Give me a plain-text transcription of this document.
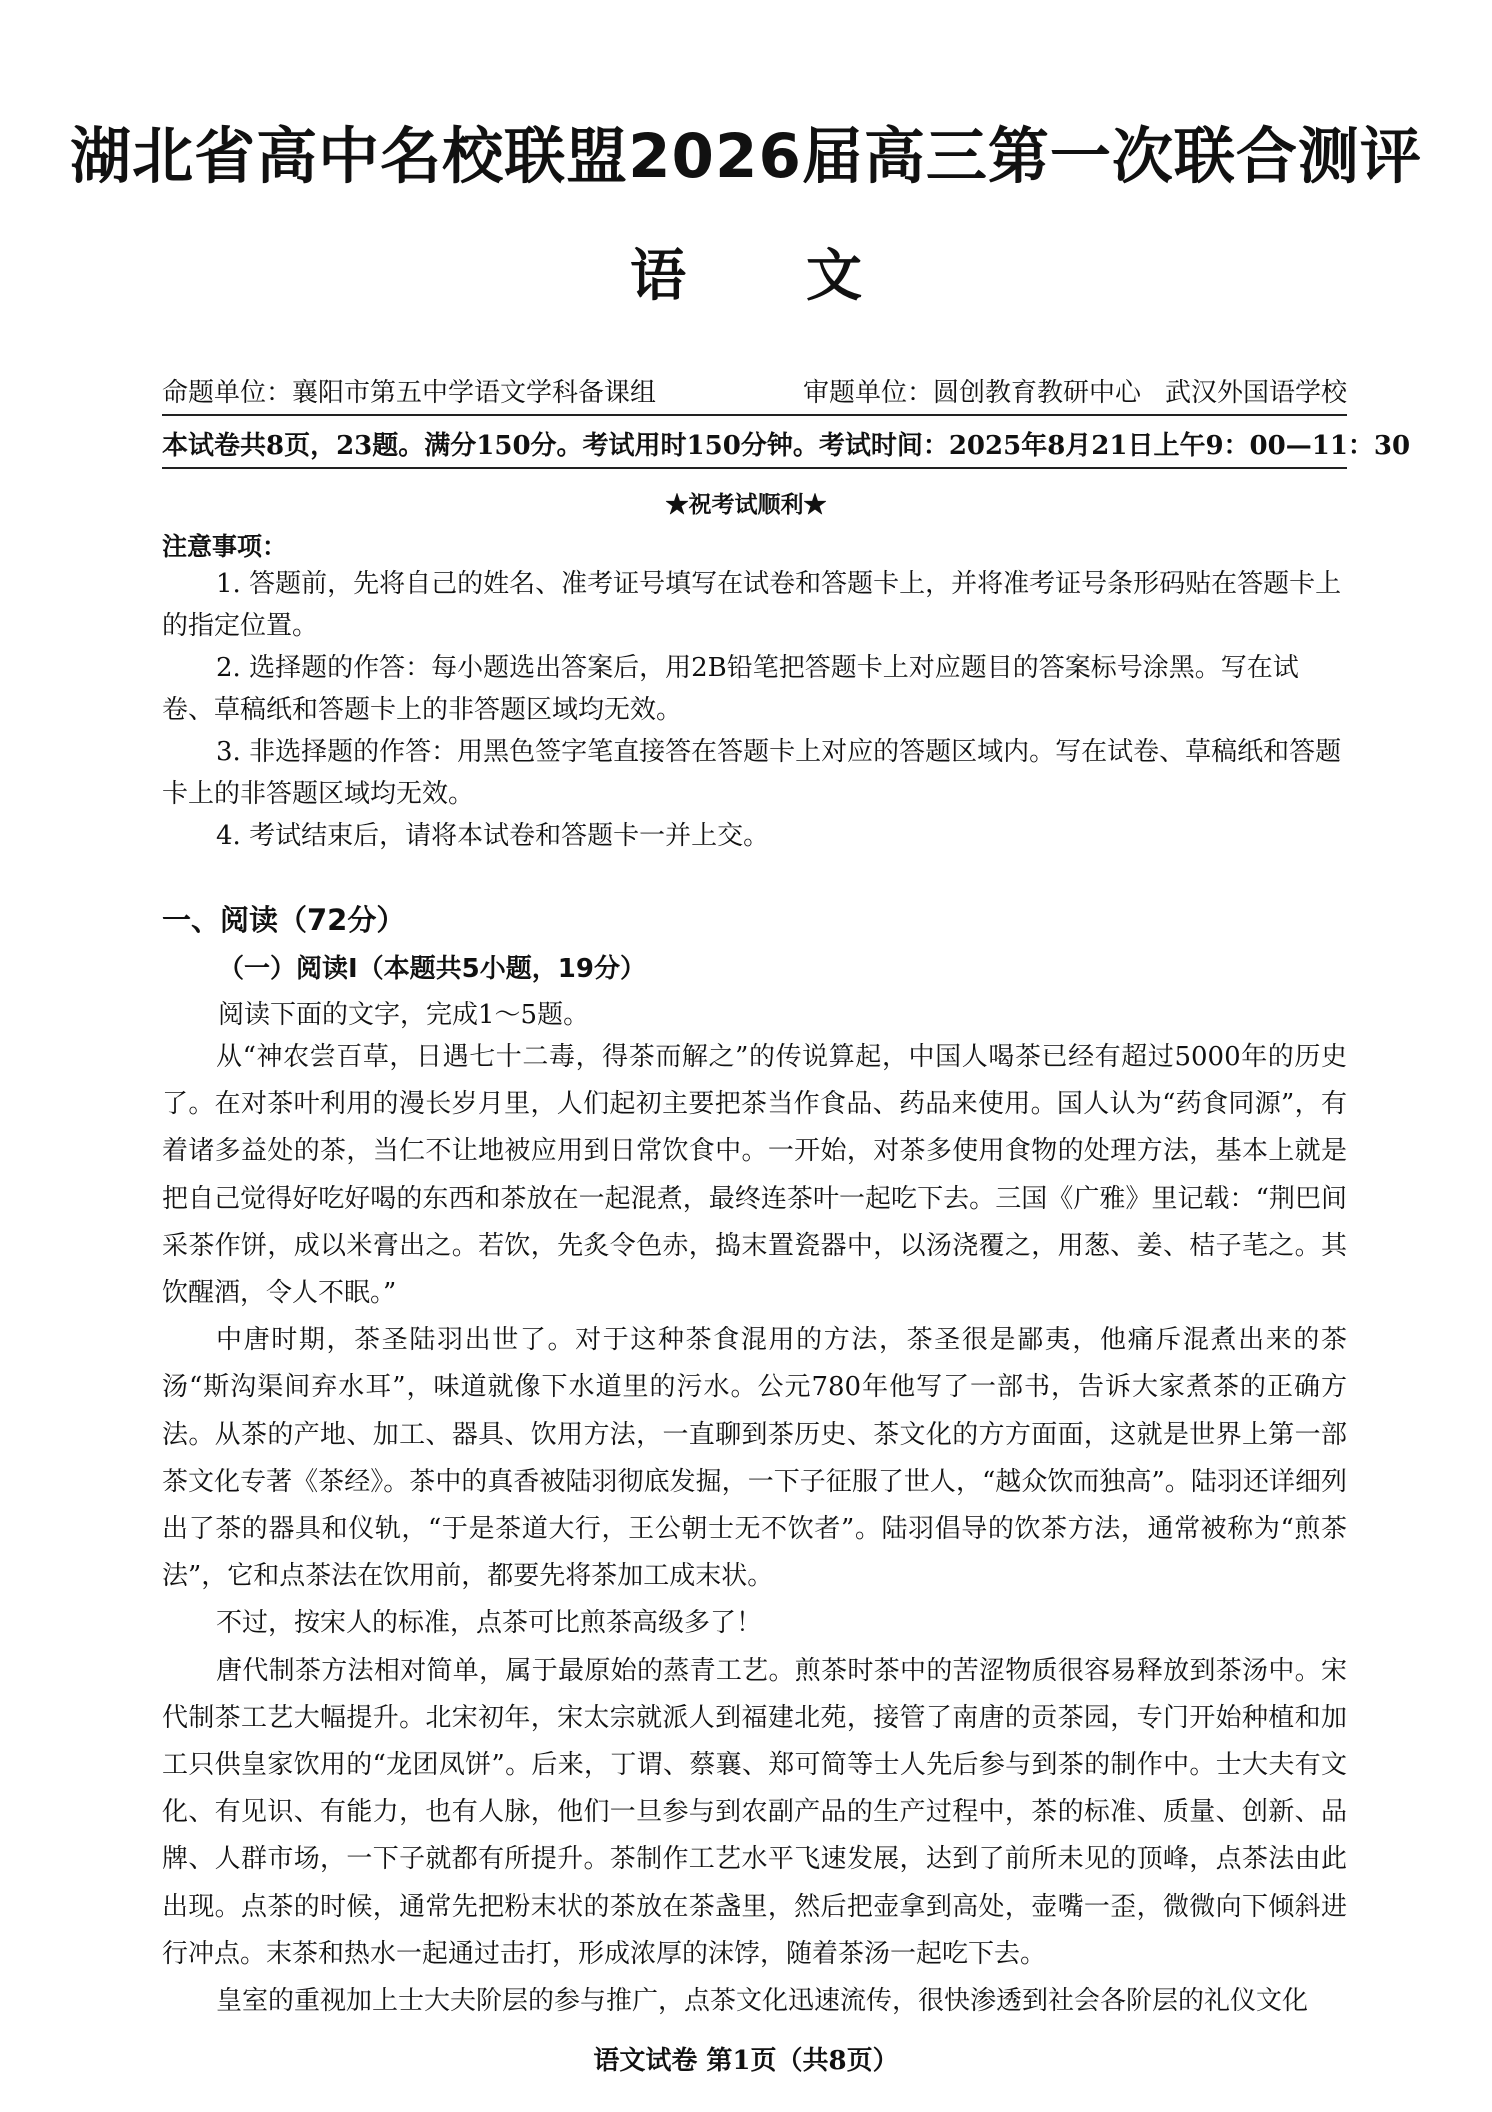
湖北省高中名校联盟2026届高三第一次联合测评
语文
命题单位：襄阳市第五中学语文学科备课组	审题单位：圆创教育教研中心 武汉外国语学校
本试卷共8页，23题。满分150分。考试用时150分钟。 考试时间：2025年8月21日上午9：00—11：30
★祝考试顺利★
注意事项：

1. 答题前，先将自己的姓名、准考证号填写在试卷和答题卡上，并将准考证号条形码贴在答题卡上的指定位置。

2. 选择题的作答：每小题选出答案后，用2B铅笔把答题卡上对应题目的答案标号涂黑。写在试卷、草稿纸和答题卡上的非答题区域均无效。

3. 非选择题的作答：用黑色签字笔直接答在答题卡上对应的答题区域内。写在试卷、草稿纸和答题卡上的非答题区域均无效。

4. 考试结束后，请将本试卷和答题卡一并上交。

一、阅读（72分）
（一）阅读Ⅰ（本题共5小题，19分）
阅读下面的文字，完成1～5题。

从“神农尝百草，日遇七十二毒，得茶而解之”的传说算起，中国人喝茶已经有超过5000年的历史了。在对茶叶利用的漫长岁月里，人们起初主要把茶当作食品、药品来使用。国人认为“药食同源”，有着诸多益处的茶，当仁不让地被应用到日常饮食中。一开始，对茶多使用食物的处理方法，基本上就是把自己觉得好吃好喝的东西和茶放在一起混煮，最终连茶叶一起吃下去。三国《广雅》里记载：“荆巴间采茶作饼，成以米膏出之。若饮，先炙令色赤，捣末置瓷器中，以汤浇覆之，用葱、姜、桔子芼之。其饮醒酒，令人不眠。”

中唐时期，茶圣陆羽出世了。对于这种茶食混用的方法，茶圣很是鄙夷，他痛斥混煮出来的茶汤“斯沟渠间弃水耳”，味道就像下水道里的污水。公元780年他写了一部书，告诉大家煮茶的正确方法。从茶的产地、加工、器具、饮用方法，一直聊到茶历史、茶文化的方方面面，这就是世界上第一部茶文化专著《茶经》。茶中的真香被陆羽彻底发掘，一下子征服了世人，“越众饮而独高”。陆羽还详细列出了茶的器具和仪轨，“于是茶道大行，王公朝士无不饮者”。陆羽倡导的饮茶方法，通常被称为“煎茶法”，它和点茶法在饮用前，都要先将茶加工成末状。

不过，按宋人的标准，点茶可比煎茶高级多了！

唐代制茶方法相对简单，属于最原始的蒸青工艺。煎茶时茶中的苦涩物质很容易释放到茶汤中。宋代制茶工艺大幅提升。北宋初年，宋太宗就派人到福建北苑，接管了南唐的贡茶园，专门开始种植和加工只供皇家饮用的“龙团凤饼”。后来，丁谓、蔡襄、郑可简等士人先后参与到茶的制作中。士大夫有文化、有见识、有能力，也有人脉，他们一旦参与到农副产品的生产过程中，茶的标准、质量、创新、品牌、人群市场，一下子就都有所提升。茶制作工艺水平飞速发展，达到了前所未见的顶峰，点茶法由此出现。点茶的时候，通常先把粉末状的茶放在茶盏里，然后把壶拿到高处，壶嘴一歪，微微向下倾斜进行冲点。末茶和热水一起通过击打，形成浓厚的沫饽，随着茶汤一起吃下去。

皇室的重视加上士大夫阶层的参与推广，点茶文化迅速流传，很快渗透到社会各阶层的礼仪文化

语文试卷 第1页（共8页）
